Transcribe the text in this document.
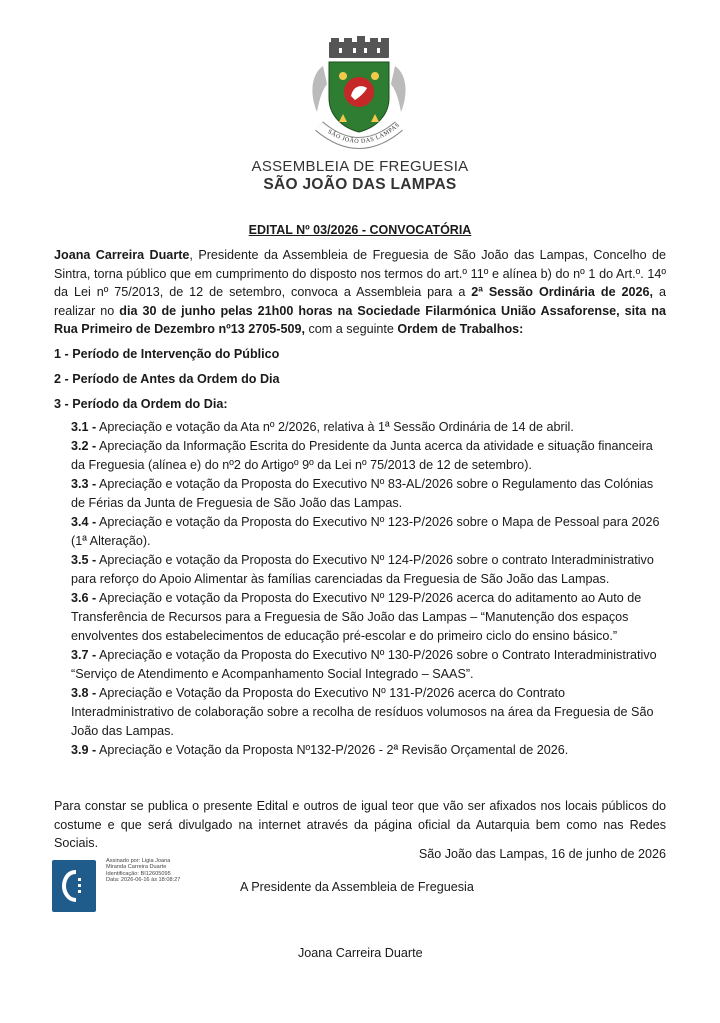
SÃO JOÃO DAS LAMPAS
ASSEMBLEIA DE FREGUESIA
SÃO JOÃO DAS LAMPAS
EDITAL Nº 03/2026 - CONVOCATÓRIA
Joana Carreira Duarte, Presidente da Assembleia de Freguesia de São João das Lampas, Concelho de Sintra, torna público que em cumprimento do disposto nos termos do art.º 11º e alínea b) do nº 1 do Art.º. 14º da Lei nº 75/2013, de 12 de setembro, convoca a Assembleia para a 2ª Sessão Ordinária de 2026, a realizar no dia 30 de junho pelas 21h00 horas na Sociedade Filarmónica União Assaforense, sita na Rua Primeiro de Dezembro nº13 2705-509, com a seguinte Ordem de Trabalhos:
1 - Período de Intervenção do Público
2 - Período de Antes da Ordem do Dia
3 - Período da Ordem do Dia:

3.1 - Apreciação e votação da Ata nº 2/2026, relativa à 1ª Sessão Ordinária de 14 de abril.

3.2 - Apreciação da Informação Escrita do Presidente da Junta acerca da atividade e situação financeira da Freguesia (alínea e) do nº2 do Artigoº 9º da Lei nº 75/2013 de 12 de setembro).

3.3 - Apreciação e votação da Proposta do Executivo Nº 83-AL/2026 sobre o Regulamento das Colónias de Férias da Junta de Freguesia de São João das Lampas.

3.4 - Apreciação e votação da Proposta do Executivo Nº 123-P/2026 sobre o Mapa de Pessoal para 2026 (1ª Alteração).

3.5 - Apreciação e votação da Proposta do Executivo Nº 124-P/2026 sobre o contrato Interadministrativo para reforço do Apoio Alimentar às famílias carenciadas da Freguesia de São João das Lampas.

3.6 - Apreciação e votação da Proposta do Executivo Nº 129-P/2026 acerca do aditamento ao Auto de Transferência de Recursos para a Freguesia de São João das Lampas – “Manutenção dos espaços envolventes dos estabelecimentos de educação pré-escolar e do primeiro ciclo do ensino básico.”

3.7 - Apreciação e votação da Proposta do Executivo Nº 130-P/2026 sobre o Contrato Interadministrativo “Serviço de Atendimento e Acompanhamento Social Integrado – SAAS”.

3.8 - Apreciação e Votação da Proposta do Executivo Nº 131-P/2026 acerca do Contrato Interadministrativo de colaboração sobre a recolha de resíduos volumosos na área da Freguesia de São João das Lampas.

3.9 - Apreciação e Votação da Proposta Nº132-P/2026 - 2ª Revisão Orçamental de 2026.

Para constar se publica o presente Edital e outros de igual teor que vão ser afixados nos locais públicos do costume e que será divulgado na internet através da página oficial da Autarquia bem como nas Redes Sociais.
São João das Lampas, 16 de junho de 2026
Assinado por: Ligia Joana
Miranda Carreira Duarte
Identificação: BI12605095
Data: 2026-06-16 às 18:08:27	A Presidente da Assembleia de Freguesia
Joana Carreira Duarte
